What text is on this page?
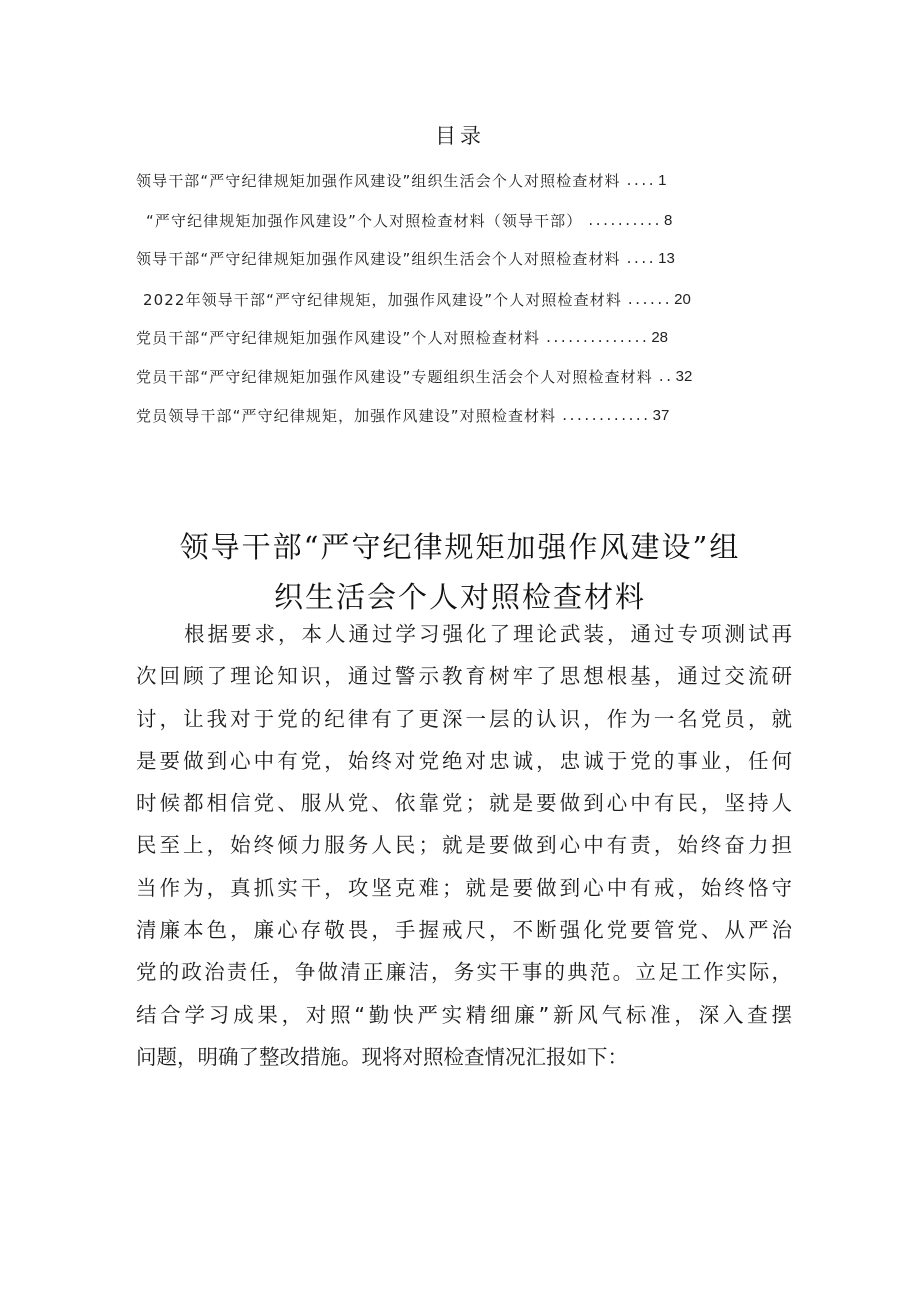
目录
领导干部“严守纪律规矩加强作风建设”组织生活会个人对照检查材料 .... 1
“严守纪律规矩加强作风建设”个人对照检查材料（领导干部） .......... 8
领导干部“严守纪律规矩加强作风建设”组织生活会个人对照检查材料 .... 13
2022年领导干部“严守纪律规矩，加强作风建设”个人对照检查材料 ...... 20
党员干部“严守纪律规矩加强作风建设”个人对照检查材料 .............. 28
党员干部“严守纪律规矩加强作风建设”专题组织生活会个人对照检查材料 .. 32
党员领导干部“严守纪律规矩，加强作风建设”对照检查材料 ............ 37
领导干部“严守纪律规矩加强作风建设”组
织生活会个人对照检查材料
根据要求，本人通过学习强化了理论武装，通过专项测试再
次回顾了理论知识，通过警示教育树牢了思想根基，通过交流研
讨，让我对于党的纪律有了更深一层的认识，作为一名党员，就
是要做到心中有党，始终对党绝对忠诚，忠诚于党的事业，任何
时候都相信党、服从党、依靠党；就是要做到心中有民，坚持人
民至上，始终倾力服务人民；就是要做到心中有责，始终奋力担
当作为，真抓实干，攻坚克难；就是要做到心中有戒，始终恪守
清廉本色，廉心存敬畏，手握戒尺，不断强化党要管党、从严治
党的政治责任，争做清正廉洁，务实干事的典范。立足工作实际，
结合学习成果，对照“勤快严实精细廉”新风气标准，深入查摆
问题，明确了整改措施。现将对照检查情况汇报如下：
